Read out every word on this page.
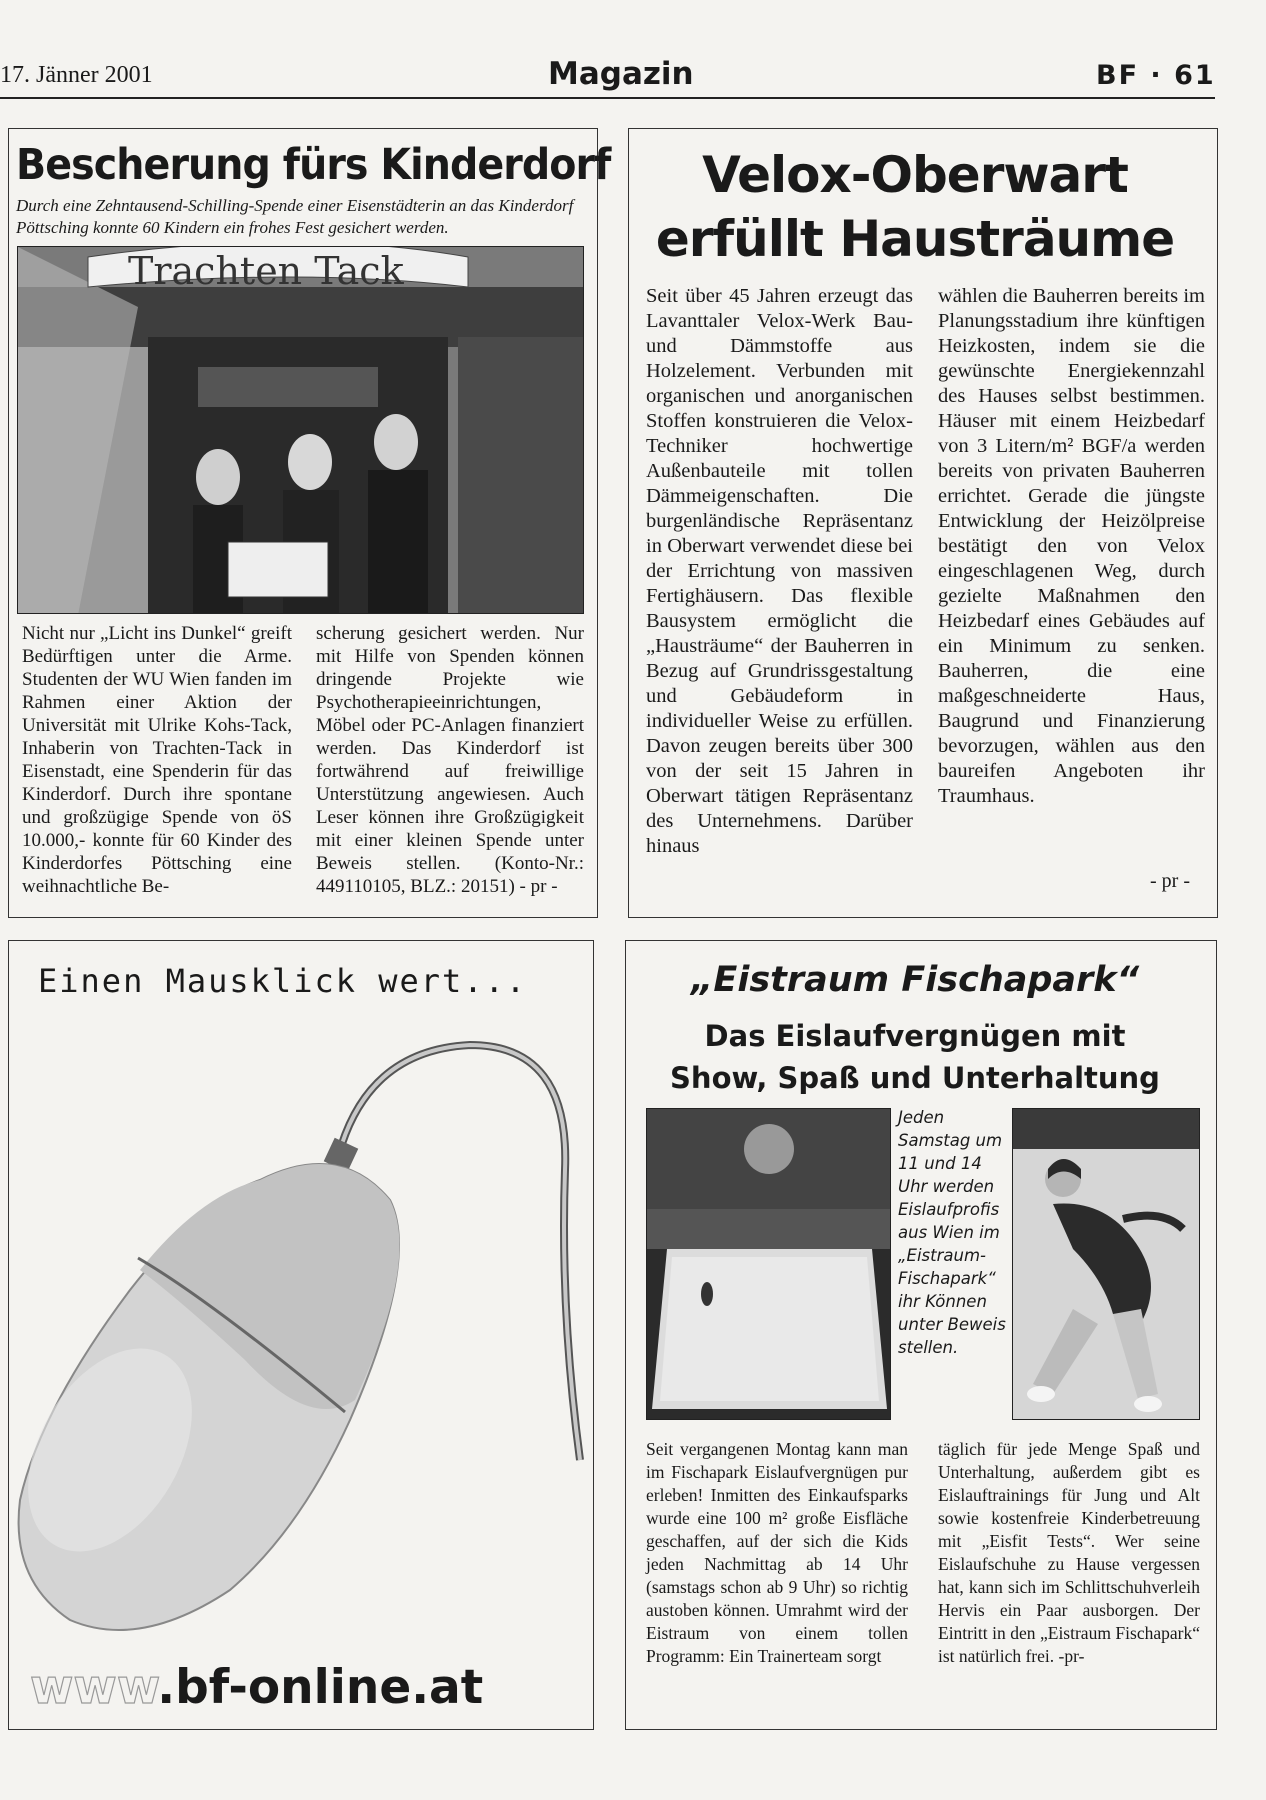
17. Jänner 2001	Magazin	BF · 61
Bescherung fürs Kinderdorf
Durch eine Zehntausend-Schilling-Spende einer Eisenstädterin an das Kinderdorf Pöttsching konnte 60 Kindern ein frohes Fest gesichert werden.
Trachten Tack
Nicht nur „Licht ins Dunkel“ greift Bedürftigen unter die Arme. Studenten der WU Wien fanden im Rahmen einer Aktion der Universität mit Ulrike Kohs-Tack, Inhaberin von Trachten-Tack in Eisenstadt, eine Spenderin für das Kinderdorf. Durch ihre spontane und großzügige Spende von öS 10.000,- konnte für 60 Kinder des Kinderdorfes Pöttsching eine weihnachtliche Be-
scherung gesichert werden. Nur mit Hilfe von Spenden können dringende Projekte wie Psychotherapieeinrichtungen, Möbel oder PC-Anlagen finanziert werden. Das Kinderdorf ist fortwährend auf freiwillige Unterstützung angewiesen. Auch Leser können ihre Großzügigkeit mit einer kleinen Spende unter Beweis stellen. (Konto-Nr.: 449110105, BLZ.: 20151) - pr -
Velox-Oberwart
erfüllt Hausträume
Seit über 45 Jahren erzeugt das Lavanttaler Velox-Werk Bau- und Dämmstoffe aus Holzelement. Verbunden mit organischen und anorganischen Stoffen konstruieren die Velox-Techniker hochwertige Außenbauteile mit tollen Dämmeigenschaften. Die burgenländische Repräsentanz in Oberwart verwendet diese bei der Errichtung von massiven Fertighäusern. Das flexible Bausystem ermöglicht die „Hausträume“ der Bauherren in Bezug auf Grundrissgestaltung und Gebäudeform in individueller Weise zu erfüllen. Davon zeugen bereits über 300 von der seit 15 Jahren in Oberwart tätigen Repräsentanz des Unternehmens. Darüber hinaus
wählen die Bauherren bereits im Planungsstadium ihre künftigen Heizkosten, indem sie die gewünschte Energiekennzahl des Hauses selbst bestimmen. Häuser mit einem Heizbedarf von 3 Litern/m² BGF/a werden bereits von privaten Bauherren errichtet. Gerade die jüngste Entwicklung der Heizölpreise bestätigt den von Velox eingeschlagenen Weg, durch gezielte Maßnahmen den Heizbedarf eines Gebäudes auf ein Minimum zu senken. Bauherren, die eine maßgeschneiderte Haus, Baugrund und Finanzierung bevorzugen, wählen aus den baureifen Angeboten ihr Traumhaus.
- pr -
Einen Mausklick wert...
www.bf-online.at
„Eistraum Fischapark“
Das Eislaufvergnügen mit
Show, Spaß und Unterhaltung
Jeden Samstag um 11 und 14 Uhr werden Eislaufprofis aus Wien im „Eistraum-Fischapark“ ihr Können unter Beweis stellen.
Seit vergangenen Montag kann man im Fischapark Eislaufvergnügen pur erleben! Inmitten des Einkaufsparks wurde eine 100 m² große Eisfläche geschaffen, auf der sich die Kids jeden Nachmittag ab 14 Uhr (samstags schon ab 9 Uhr) so richtig austoben können. Umrahmt wird der Eistraum von einem tollen Programm: Ein Trainerteam sorgt
täglich für jede Menge Spaß und Unterhaltung, außerdem gibt es Eislauftrainings für Jung und Alt sowie kostenfreie Kinderbetreuung mit „Eisfit Tests“. Wer seine Eislaufschuhe zu Hause vergessen hat, kann sich im Schlittschuhverleih Hervis ein Paar ausborgen. Der Eintritt in den „Eistraum Fischapark“ ist natürlich frei. -pr-
